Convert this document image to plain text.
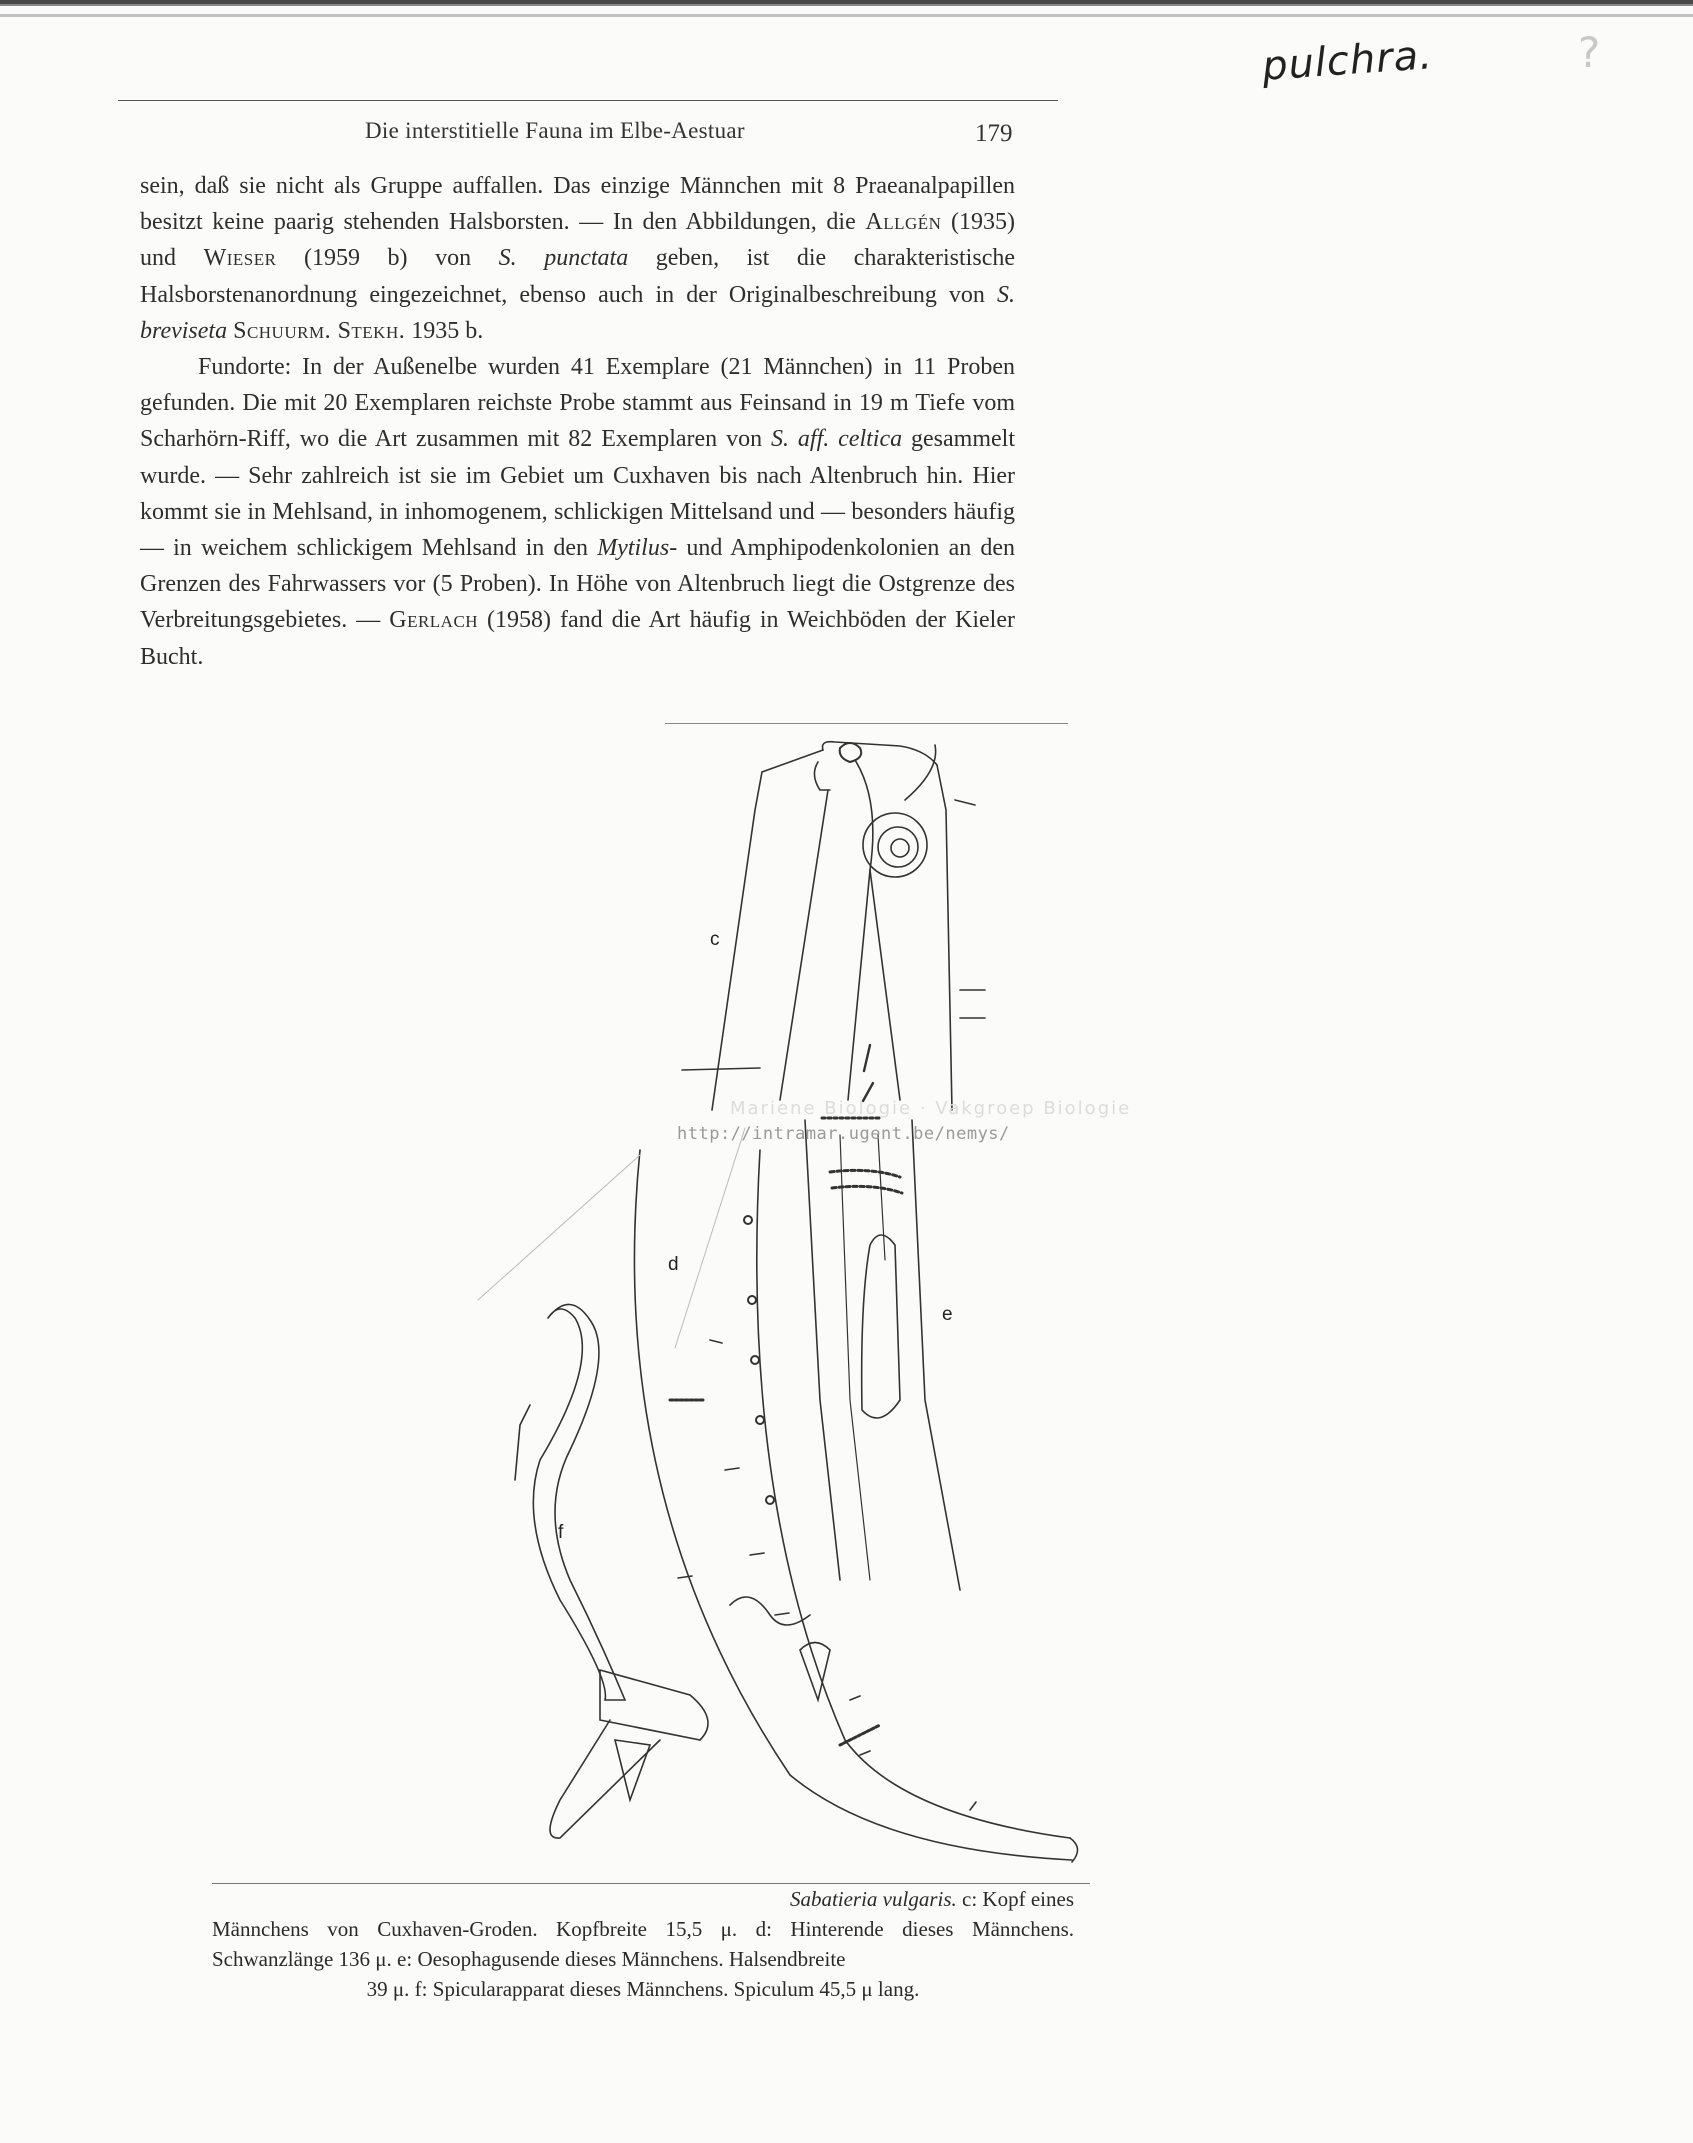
pulchra.	?
Die interstitielle Fauna im Elbe-Aestuar	179

sein, daß sie nicht als Gruppe auffallen. Das einzige Männchen mit 8 Praeanalpapillen besitzt keine paarig stehenden Halsborsten. — In den Abbildungen, die Allgén (1935) und Wieser (1959 b) von S. punctata geben, ist die charakteristische Halsborstenanordnung eingezeichnet, ebenso auch in der Originalbeschreibung von S. breviseta Schuurm. Stekh. 1935 b.

Fundorte: In der Außenelbe wurden 41 Exemplare (21 Männchen) in 11 Proben gefunden. Die mit 20 Exemplaren reichste Probe stammt aus Feinsand in 19 m Tiefe vom Scharhörn-Riff, wo die Art zusammen mit 82 Exemplaren von S. aff. celtica gesammelt wurde. — Sehr zahlreich ist sie im Gebiet um Cuxhaven bis nach Altenbruch hin. Hier kommt sie in Mehlsand, in inhomogenem, schlickigen Mittelsand und — besonders häufig — in weichem schlickigem Mehlsand in den Mytilus- und Amphipodenkolonien an den Grenzen des Fahrwassers vor (5 Proben). In Höhe von Altenbruch liegt die Ostgrenze des Verbreitungsgebietes. — Gerlach (1958) fand die Art häufig in Weichböden der Kieler Bucht.

c
d
e
f
Mariene Biologie · Vakgroep Biologie
http://intramar.ugent.be/nemys/
Sabatieria vulgaris. c: Kopf eines
Männchens von Cuxhaven-Groden. Kopfbreite 15,5 μ. d: Hinterende dieses Männchens. Schwanzlänge 136 μ. e: Oesophagusende dieses Männchens. Halsendbreite
39 μ. f: Spicularapparat dieses Männchens. Spiculum 45,5 μ lang.
